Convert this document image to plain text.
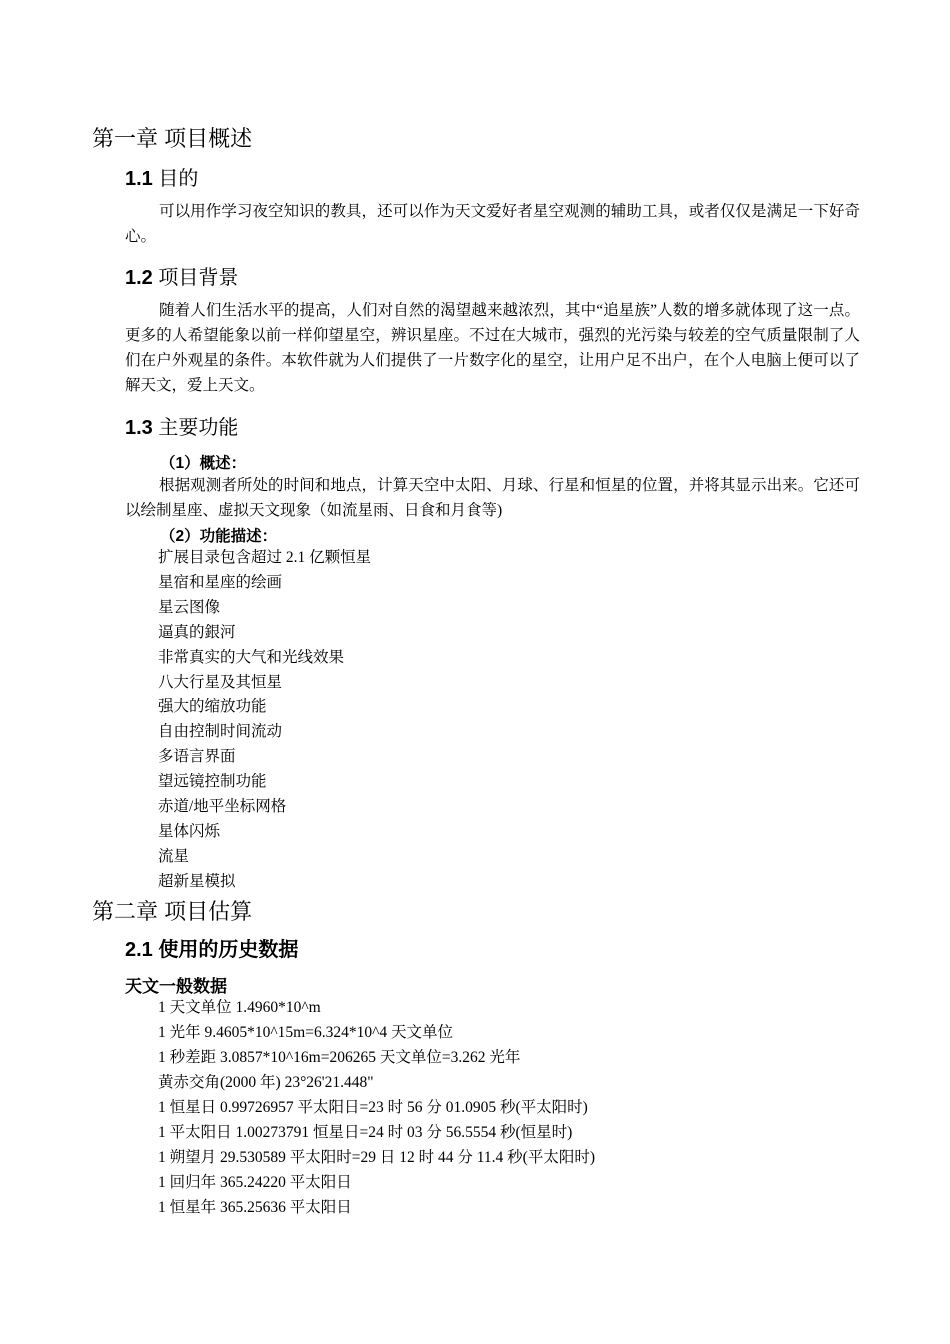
第一章 项目概述
1.1 目的

可以用作学习夜空知识的教具，还可以作为天文爱好者星空观测的辅助工具，或者仅仅是满足一下好奇心。

1.2 项目背景

随着人们生活水平的提高，人们对自然的渴望越来越浓烈，其中“追星族”人数的增多就体现了这一点。更多的人希望能象以前一样仰望星空，辨识星座。不过在大城市，强烈的光污染与较差的空气质量限制了人们在户外观星的条件。本软件就为人们提供了一片数字化的星空，让用户足不出户，在个人电脑上便可以了解天文，爱上天文。

1.3 主要功能
（1）概述：

根据观测者所处的时间和地点，计算天空中太阳、月球、行星和恒星的位置，并将其显示出来。它还可以绘制星座、虚拟天文现象（如流星雨、日食和月食等)

（2）功能描述：
扩展目录包含超过 2.1 亿颗恒星
星宿和星座的绘画
星云图像
逼真的銀河
非常真实的大气和光线效果
八大行星及其恒星
强大的缩放功能
自由控制时间流动
多语言界面
望远镜控制功能
赤道/地平坐标网格
星体闪烁
流星
超新星模拟
第二章 项目估算
2.1 使用的历史数据
天文一般数据
1 天文单位 1.4960*10^m
1 光年 9.4605*10^15m=6.324*10^4 天文单位
1 秒差距 3.0857*10^16m=206265 天文单位=3.262 光年
黄赤交角(2000 年) 23°26'21.448"
1 恒星日 0.99726957 平太阳日=23 时 56 分 01.0905 秒(平太阳时)
1 平太阳日 1.00273791 恒星日=24 时 03 分 56.5554 秒(恒星时)
1 朔望月 29.530589 平太阳时=29 日 12 时 44 分 11.4 秒(平太阳时)
1 回归年 365.24220 平太阳日
1 恒星年 365.25636 平太阳日
